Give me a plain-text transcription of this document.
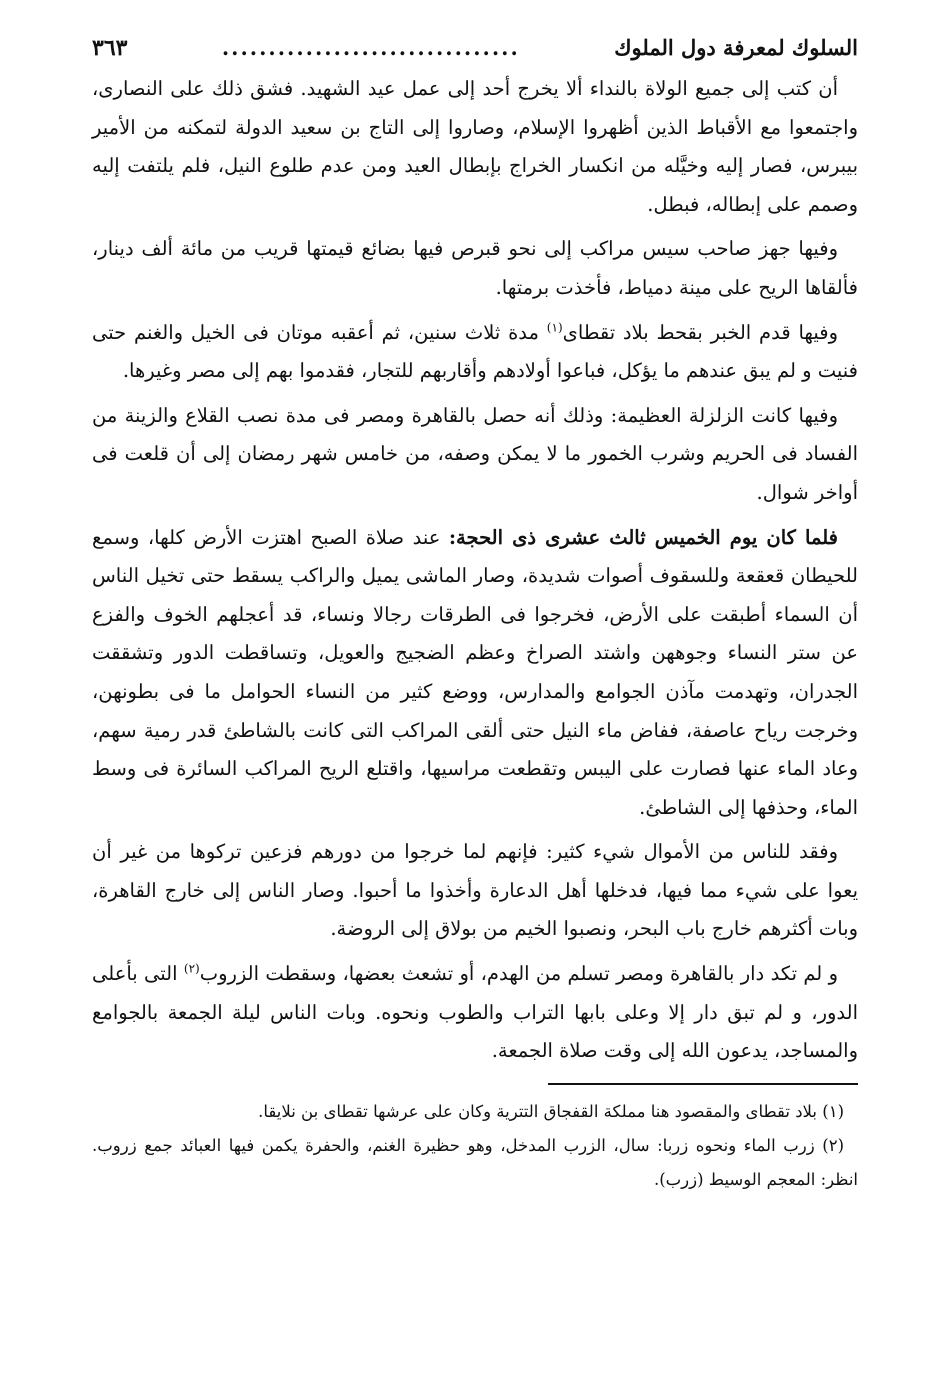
السلوك لمعرفة دول الملوك
................................
٣٦٣

أن كتب إلى جميع الولاة بالنداء ألا يخرج أحد إلى عمل عيد الشهيد. فشق ذلك على النصارى، واجتمعوا مع الأقباط الذين أظهروا الإسلام، وصاروا إلى التاج بن سعيد الدولة لتمكنه من الأمير بيبرس، فصار إليه وخيَّله من انكسار الخراج بإبطال العيد ومن عدم طلوع النيل، فلم يلتفت إليه وصمم على إبطاله، فبطل.

وفيها جهز صاحب سيس مراكب إلى نحو قبرص فيها بضائع قيمتها قريب من مائة ألف دينار، فألقاها الريح على مينة دمياط، فأخذت برمتها.

وفيها قدم الخبر بقحط بلاد تقطاى$^{(١)}$ مدة ثلاث سنين، ثم أعقبه موتان فى الخيل والغنم حتى فنيت و لم يبق عندهم ما يؤكل، فباعوا أولادهم وأقاربهم للتجار، فقدموا بهم إلى مصر وغيرها.

وفيها كانت الزلزلة العظيمة: وذلك أنه حصل بالقاهرة ومصر فى مدة نصب القلاع والزينة من الفساد فى الحريم وشرب الخمور ما لا يمكن وصفه، من خامس شهر رمضان إلى أن قلعت فى أواخر شوال.

فلما كان يوم الخميس ثالث عشرى ذى الحجة: عند صلاة الصبح اهتزت الأرض كلها، وسمع للحيطان قعقعة وللسقوف أصوات شديدة، وصار الماشى يميل والراكب يسقط حتى تخيل الناس أن السماء أطبقت على الأرض، فخرجوا فى الطرقات رجالا ونساء، قد أعجلهم الخوف والفزع عن ستر النساء وجوههن واشتد الصراخ وعظم الضجيج والعويل، وتساقطت الدور وتشققت الجدران، وتهدمت مآذن الجوامع والمدارس، ووضع كثير من النساء الحوامل ما فى بطونهن، وخرجت رياح عاصفة، ففاض ماء النيل حتى ألقى المراكب التى كانت بالشاطئ قدر رمية سهم، وعاد الماء عنها فصارت على اليبس وتقطعت مراسيها، واقتلع الريح المراكب السائرة فى وسط الماء، وحذفها إلى الشاطئ.

وفقد للناس من الأموال شيء كثير: فإنهم لما خرجوا من دورهم فزعين تركوها من غير أن يعوا على شيء مما فيها، فدخلها أهل الدعارة وأخذوا ما أحبوا. وصار الناس إلى خارج القاهرة، وبات أكثرهم خارج باب البحر، ونصبوا الخيم من بولاق إلى الروضة.

و لم تكد دار بالقاهرة ومصر تسلم من الهدم، أو تشعث بعضها، وسقطت الزروب$^{(٢)}$ التى بأعلى الدور، و لم تبق دار إلا وعلى بابها التراب والطوب ونحوه. وبات الناس ليلة الجمعة بالجوامع والمساجد، يدعون الله إلى وقت صلاة الجمعة.

(١) بلاد تقطاى والمقصود هنا مملكة القفجاق التترية وكان على عرشها تقطاى بن نلايقا.

(٢) زرب الماء ونحوه زربا: سال، الزرب المدخل، وهو حظيرة الغنم، والحفرة يكمن فيها العبائد جمع زروب. انظر: المعجم الوسيط (زرب).
